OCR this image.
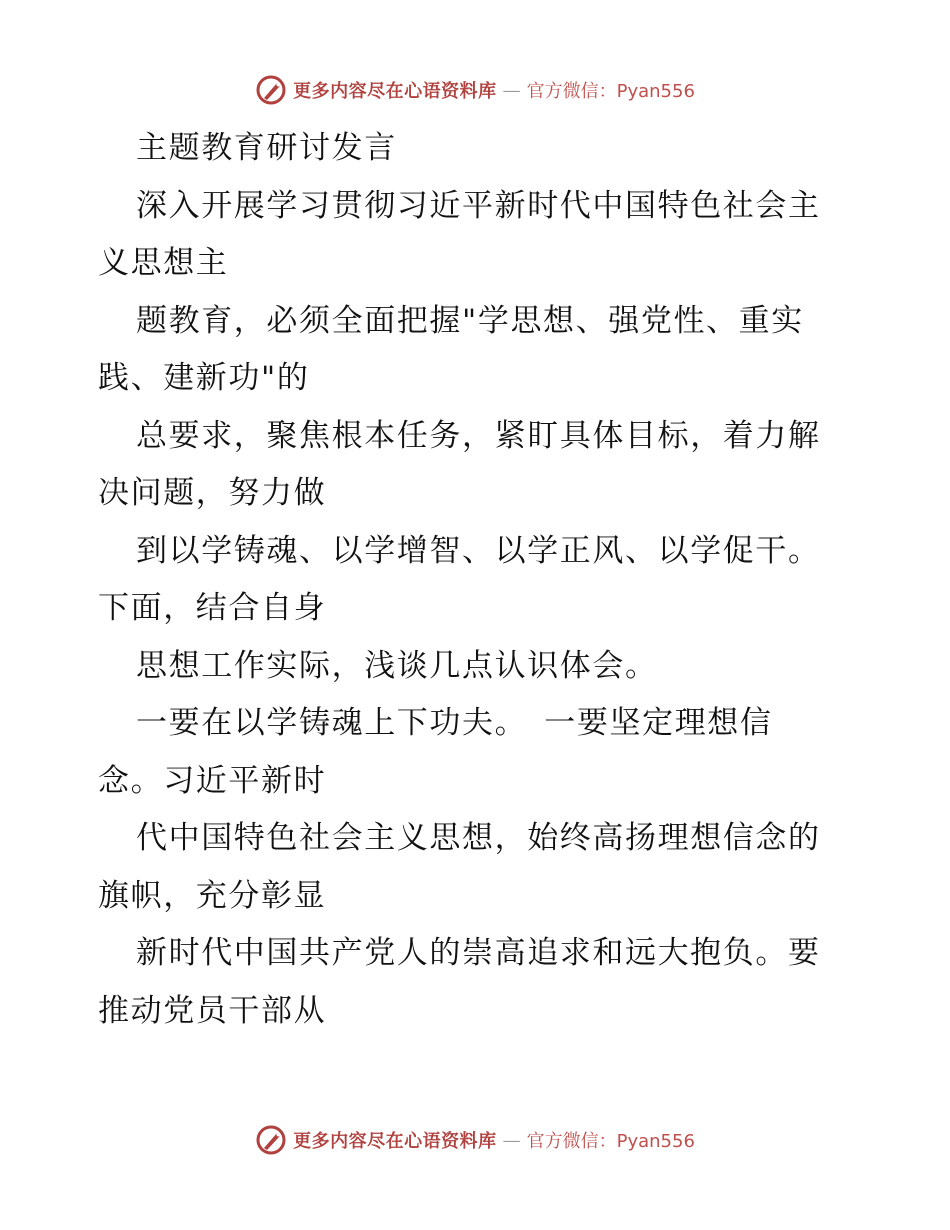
更多内容尽在心语资料库 — 官方微信：Pyan556

主题教育研讨发言

深入开展学习贯彻习近平新时代中国特色社会主

义思想主

题教育，必须全面把握"学思想、强党性、重实

践、建新功"的

总要求，聚焦根本任务，紧盯具体目标，着力解

决问题，努力做

到以学铸魂、以学增智、以学正风、以学促干。

下面，结合自身

思想工作实际，浅谈几点认识体会。

一要在以学铸魂上下功夫。　一要坚定理想信

念。习近平新时

代中国特色社会主义思想，始终高扬理想信念的

旗帜，充分彰显

新时代中国共产党人的崇高追求和远大抱负。要

推动党员干部从

更多内容尽在心语资料库 — 官方微信：Pyan556
